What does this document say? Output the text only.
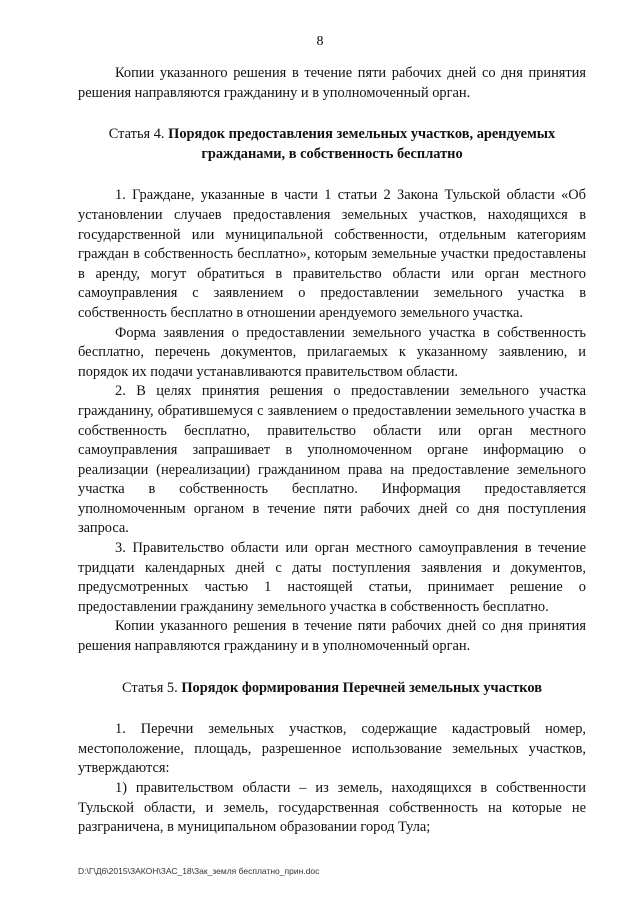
8

Копии указанного решения в течение пяти рабочих дней со дня принятия решения направляются гражданину и в уполномоченный орган.

Статья 4. Порядок предоставления земельных участков, арендуемых гражданами, в собственность бесплатно

1. Граждане, указанные в части 1 статьи 2 Закона Тульской области «Об установлении случаев предоставления земельных участков, находящихся в государственной или муниципальной собственности, отдельным категориям граждан в собственность бесплатно», которым земельные участки предоставлены в аренду, могут обратиться в правительство области или орган местного самоуправления с заявлением о предоставлении земельного участка в собственность бесплатно в отношении арендуемого земельного участка.

Форма заявления о предоставлении земельного участка в собственность бесплатно, перечень документов, прилагаемых к указанному заявлению, и порядок их подачи устанавливаются правительством области.

2. В целях принятия решения о предоставлении земельного участка гражданину, обратившемуся с заявлением о предоставлении земельного участка в собственность бесплатно, правительство области или орган местного самоуправления запрашивает в уполномоченном органе информацию о реализации (нереализации) гражданином права на предоставление земельного участка в собственность бесплатно. Информация предоставляется уполномоченным органом в течение пяти рабочих дней со дня поступления запроса.

3. Правительство области или орган местного самоуправления в течение тридцати календарных дней с даты поступления заявления и документов, предусмотренных частью 1 настоящей статьи, принимает решение о предоставлении гражданину земельного участка в собственность бесплатно.

Копии указанного решения в течение пяти рабочих дней со дня принятия решения направляются гражданину и в уполномоченный орган.

Статья 5. Порядок формирования Перечней земельных участков

1. Перечни земельных участков, содержащие кадастровый номер, местоположение, площадь, разрешенное использование земельных участков, утверждаются:

1) правительством области – из земель, находящихся в собственности Тульской области, и земель, государственная собственность на которые не разграничена, в муниципальном образовании город Тула;

D:\Г\Д6\2015\ЗАКОН\ЗАС_18\Зак_земля бесплатно_прин.doc
